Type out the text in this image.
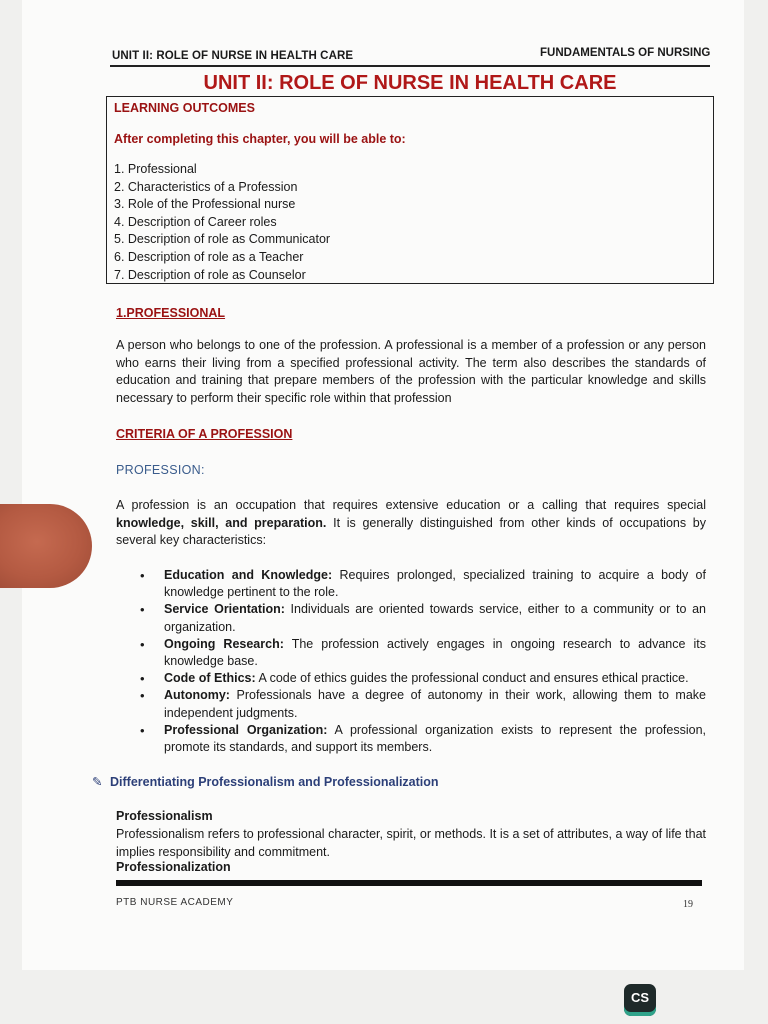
UNIT II: ROLE OF NURSE IN HEALTH CARE	FUNDAMENTALS OF NURSING
UNIT II: ROLE OF NURSE IN HEALTH CARE
LEARNING OUTCOMES
After completing this chapter, you will be able to:
1. Professional
2. Characteristics of a Profession
3. Role of the Professional nurse
4. Description of Career roles
5. Description of role as Communicator
6. Description of role as a Teacher
7. Description of role as Counselor
1.PROFESSIONAL

A person who belongs to one of the profession. A professional is a member of a profession or any person who earns their living from a specified professional activity. The term also describes the standards of education and training that prepare members of the profession with the particular knowledge and skills necessary to perform their specific role within that profession

CRITERIA OF A PROFESSION
PROFESSION:

A profession is an occupation that requires extensive education or a calling that requires special knowledge, skill, and preparation. It is generally distinguished from other kinds of occupations by several key characteristics:

• Education and Knowledge: Requires prolonged, specialized training to acquire a body of knowledge pertinent to the role.
• Service Orientation: Individuals are oriented towards service, either to a community or to an organization.
• Ongoing Research: The profession actively engages in ongoing research to advance its knowledge base.
• Code of Ethics: A code of ethics guides the professional conduct and ensures ethical practice.
• Autonomy: Professionals have a degree of autonomy in their work, allowing them to make independent judgments.
• Professional Organization: A professional organization exists to represent the profession, promote its standards, and support its members.
✎ Differentiating Professionalism and Professionalization
Professionalism

Professionalism refers to professional character, spirit, or methods. It is a set of attributes, a way of life that implies responsibility and commitment.

Professionalization
PTB NURSE ACADEMY	19
CS
